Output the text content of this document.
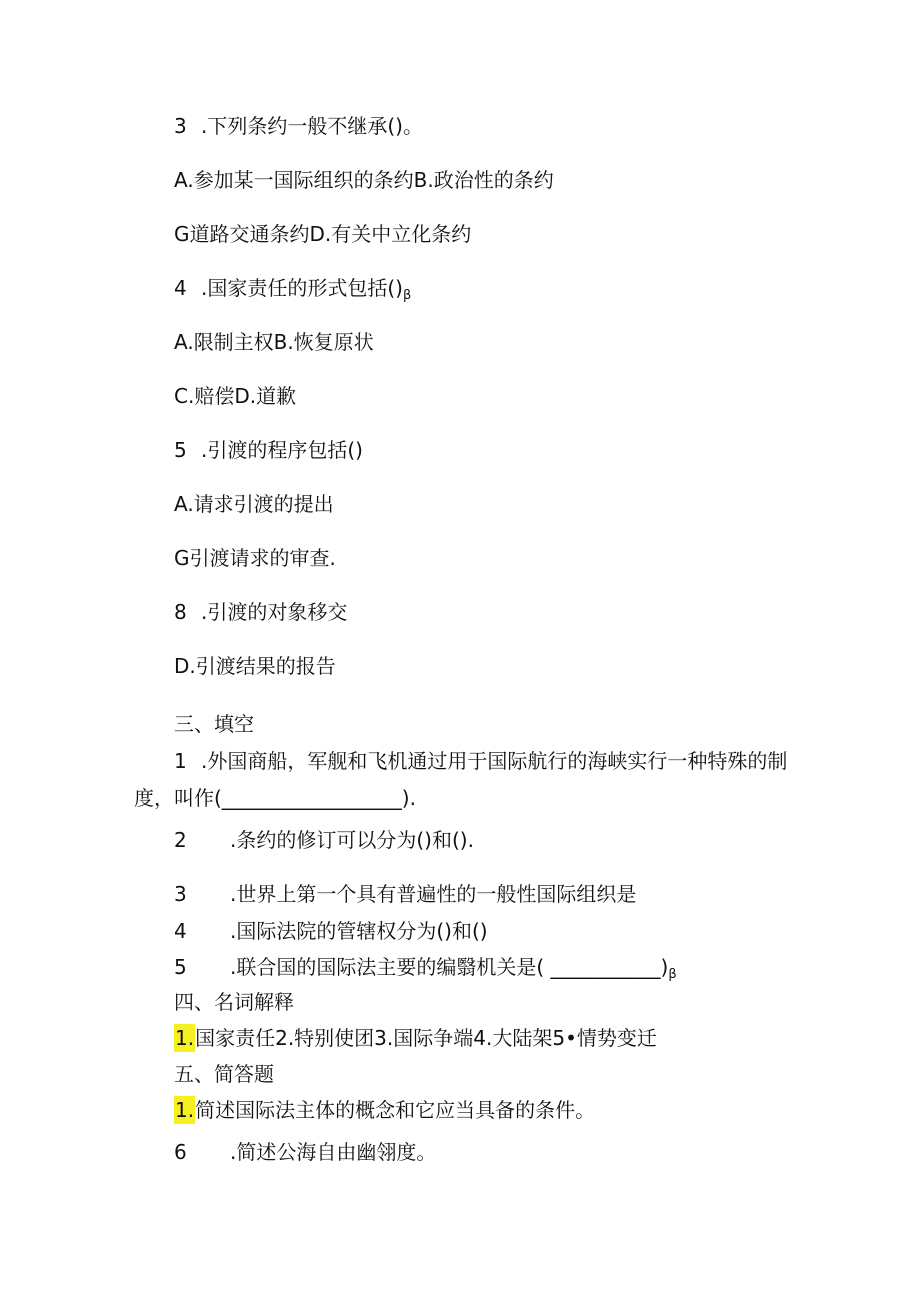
3 .下列条约一般不继承()。
A.参加某一国际组织的条约B.政治性的条约
G道路交通条约D.有关中立化条约
4 .国家责任的形式包括$()_\beta$
A.限制主权B.恢复原状
C.赔偿D.道歉
5 .引渡的程序包括()
A.请求引渡的提出
G引渡请求的审查.
8 .引渡的对象移交
D.引渡结果的报告
三、填空
1 .外国商船，军舰和飞机通过用于国际航行的海峡实行一种特殊的制
度，叫作(__________________).
2 .条约的修订可以分为()和().
3 .世界上第一个具有普遍性的一般性国际组织是
4 .国际法院的管辖权分为()和()
5 .联合国的国际法主要的编翳机关是( $\_\_\_\_\_\_\_\_\_\_\_)_\beta$
四、名词解释
1.国家责任2.特别使团3.国际争端4.大陆架5•情势变迁
五、简答题
1.简述国际法主体的概念和它应当具备的条件。
6 .简述公海自由幽翎度。
